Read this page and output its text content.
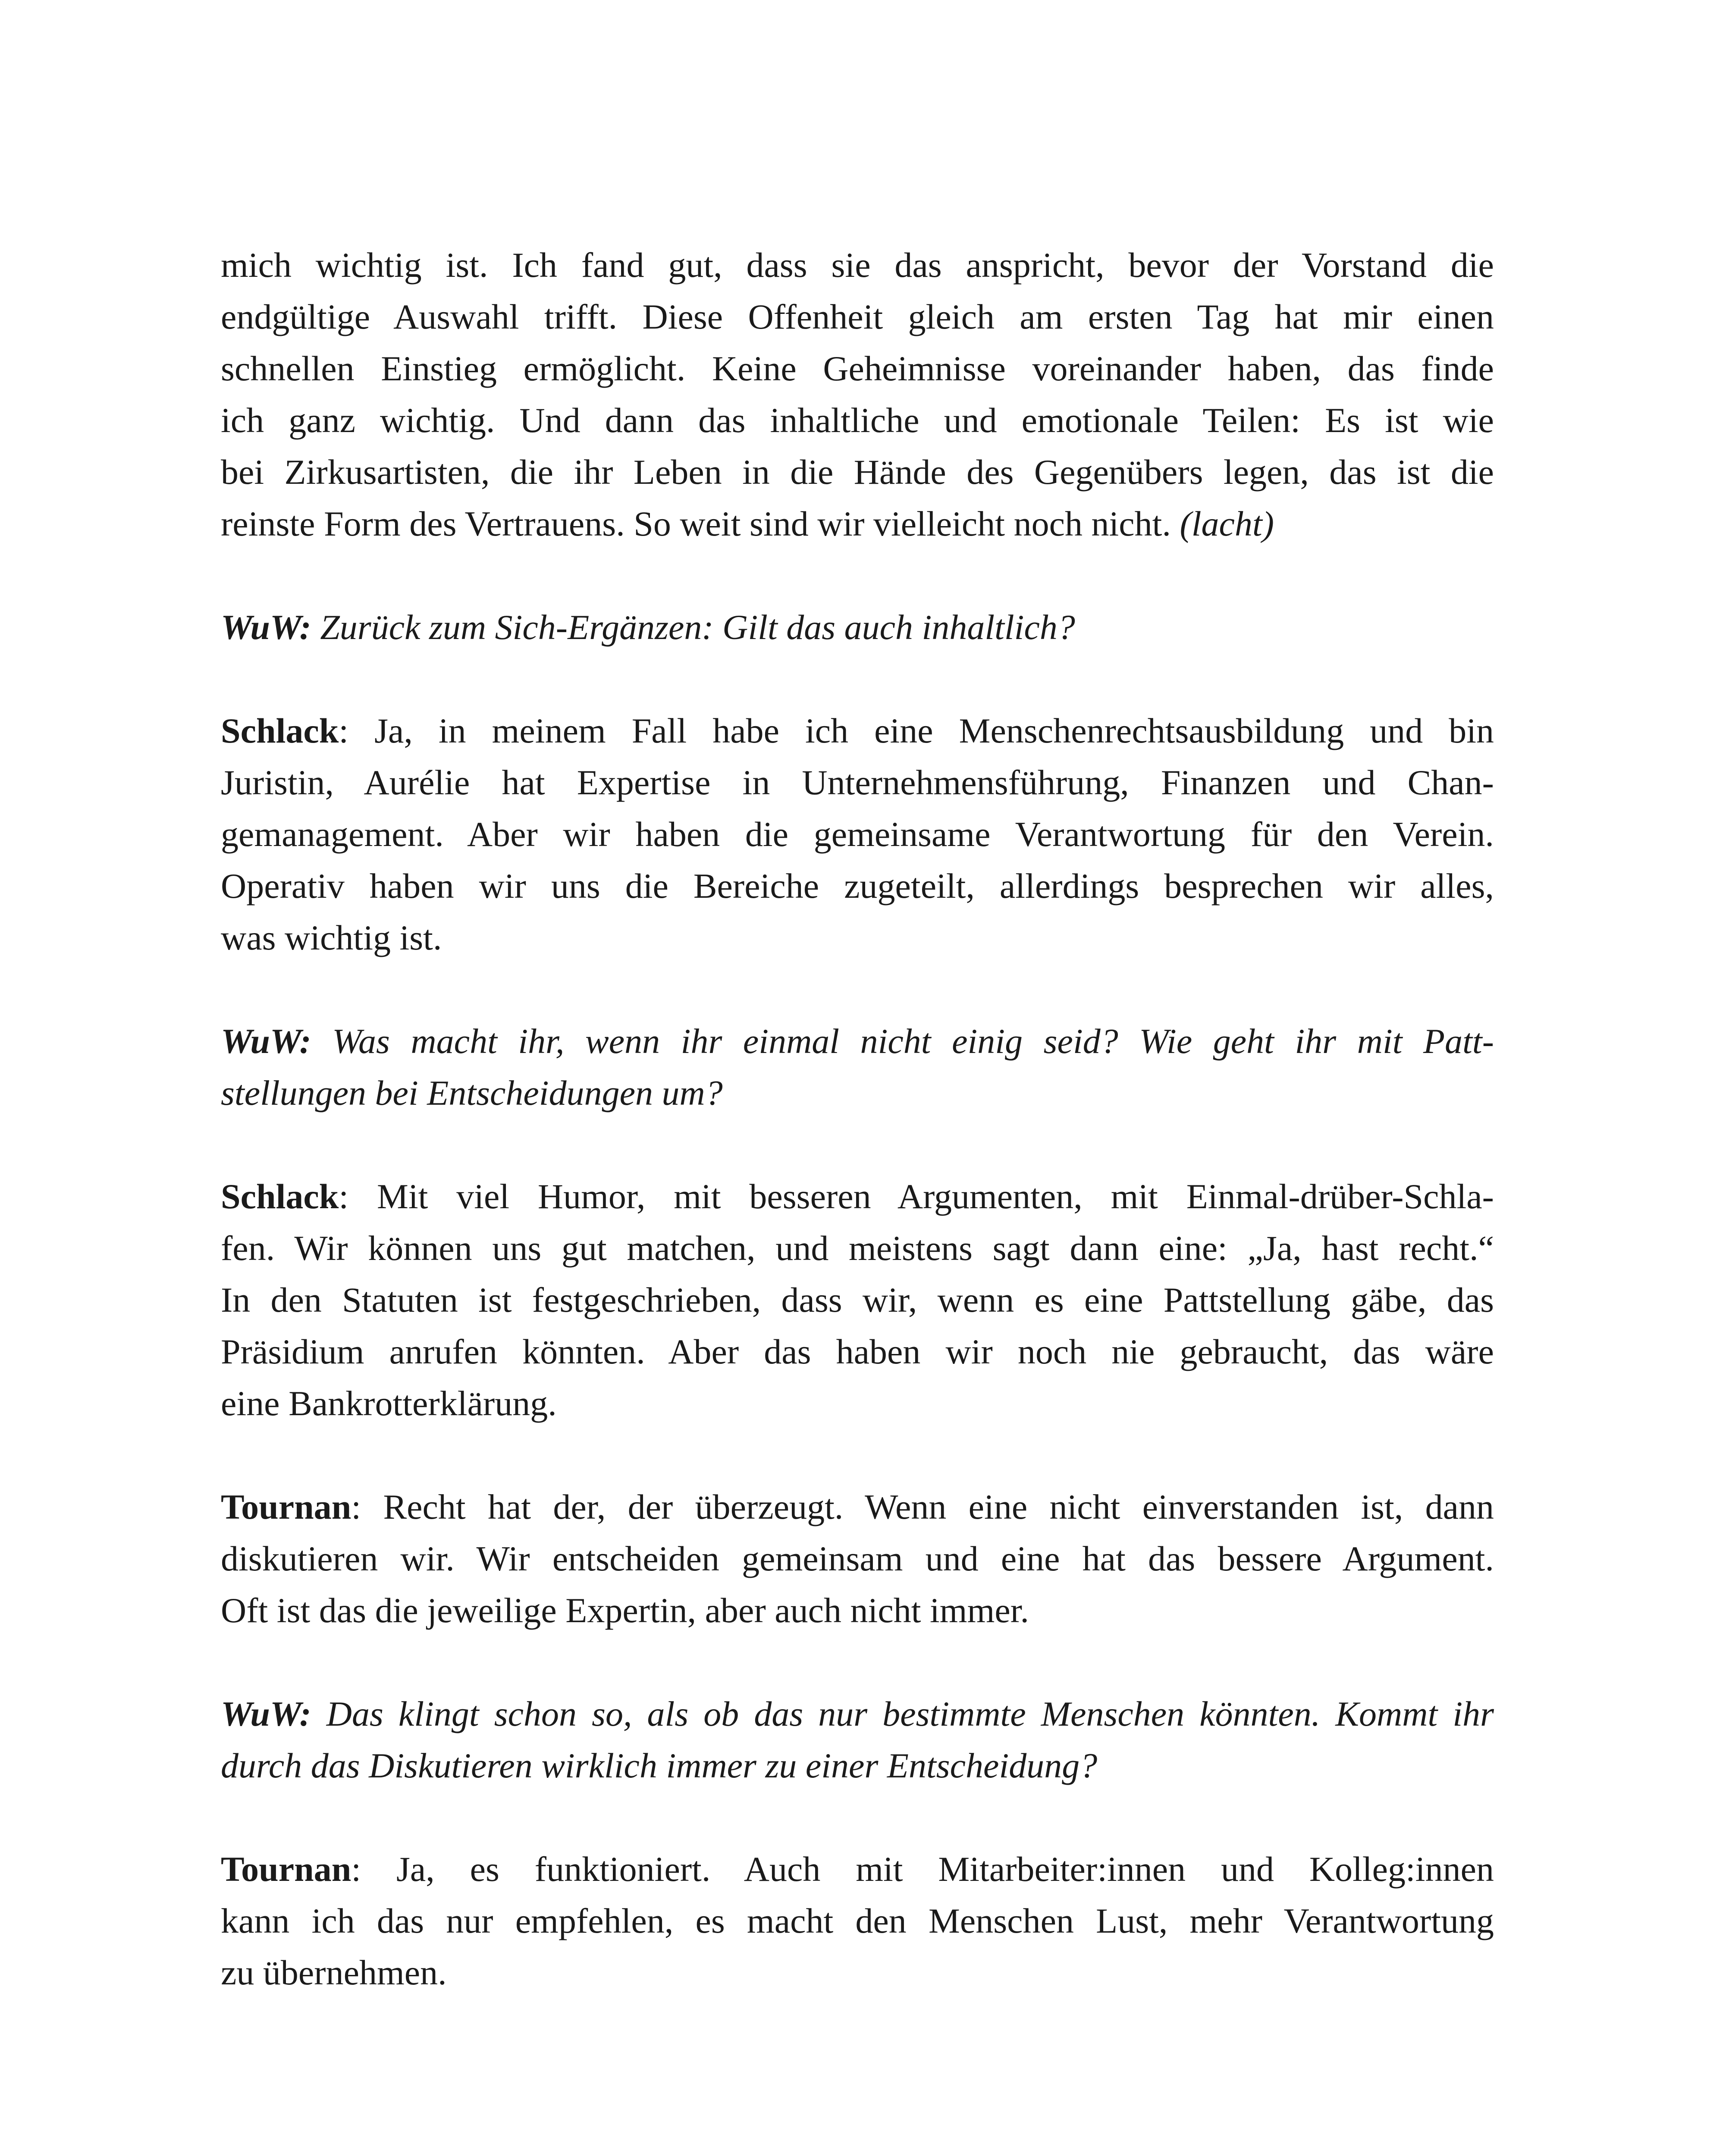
mich wichtig ist. Ich fand gut, dass sie das anspricht, bevor der Vorstand die
endgültige Auswahl trifft. Diese Offenheit gleich am ersten Tag hat mir einen
schnellen Einstieg ermöglicht. Keine Geheimnisse voreinander haben, das finde
ich ganz wichtig. Und dann das inhaltliche und emotionale Teilen: Es ist wie
bei Zirkusartisten, die ihr Leben in die Hände des Gegenübers legen, das ist die
reinste Form des Vertrauens. So weit sind wir vielleicht noch nicht. (lacht)
WuW: Zurück zum Sich-Ergänzen: Gilt das auch inhaltlich?
Schlack: Ja, in meinem Fall habe ich eine Menschenrechtsausbildung und bin
Juristin, Aurélie hat Expertise in Unternehmensführung, Finanzen und Chan-
gemanagement. Aber wir haben die gemeinsame Verantwortung für den Verein.
Operativ haben wir uns die Bereiche zugeteilt, allerdings besprechen wir alles,
was wichtig ist.
WuW: Was macht ihr, wenn ihr einmal nicht einig seid? Wie geht ihr mit Patt-
stellungen bei Entscheidungen um?
Schlack: Mit viel Humor, mit besseren Argumenten, mit Einmal-drüber-Schla-
fen. Wir können uns gut matchen, und meistens sagt dann eine: „Ja, hast recht.“
In den Statuten ist festgeschrieben, dass wir, wenn es eine Pattstellung gäbe, das
Präsidium anrufen könnten. Aber das haben wir noch nie gebraucht, das wäre
eine Bankrotterklärung.
Tournan: Recht hat der, der überzeugt. Wenn eine nicht einverstanden ist, dann
diskutieren wir. Wir entscheiden gemeinsam und eine hat das bessere Argument.
Oft ist das die jeweilige Expertin, aber auch nicht immer.
WuW: Das klingt schon so, als ob das nur bestimmte Menschen könnten. Kommt ihr
durch das Diskutieren wirklich immer zu einer Entscheidung?
Tournan: Ja, es funktioniert. Auch mit Mitarbeiter:innen und Kolleg:innen
kann ich das nur empfehlen, es macht den Menschen Lust, mehr Verantwortung
zu übernehmen.
